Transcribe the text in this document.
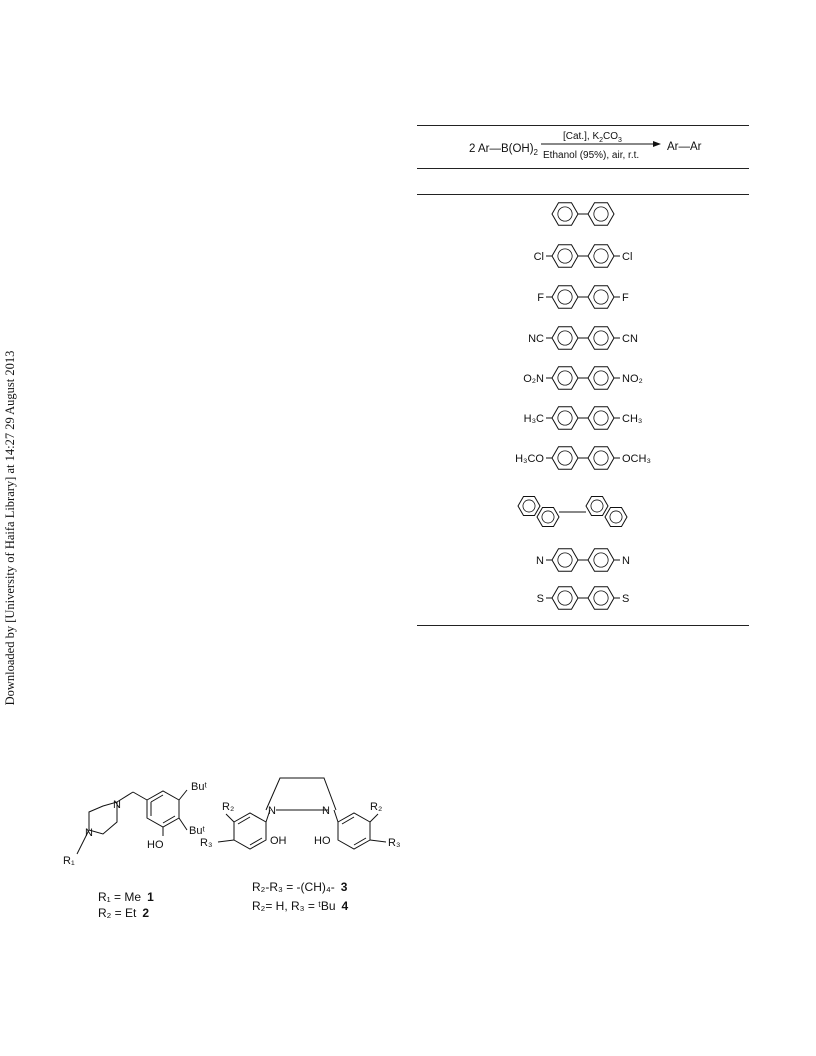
Downloaded by [University of Haifa Library] at 14:27 29 August 2013
2 $Ar—B(OH)_2$
[Cat.], $K_2CO_3$
Ethanol (95%), air, r.t.
Ar—Ar
Cl	Cl
F	F
NC	CN
O₂N	NO₂
H₃C	CH₃
H₃CO	OCH₃
N	N
S	S
Buᵗ
Buᵗ
N
N
HO
R₁
R₁ = Me 1
R₂ = Et 2
R₂
R₃
R₂
R₃
N	N
OH	HO
R₂-R₃ = -(CH)₄- 3
R₂= H, R₃ = ᵗBu 4
